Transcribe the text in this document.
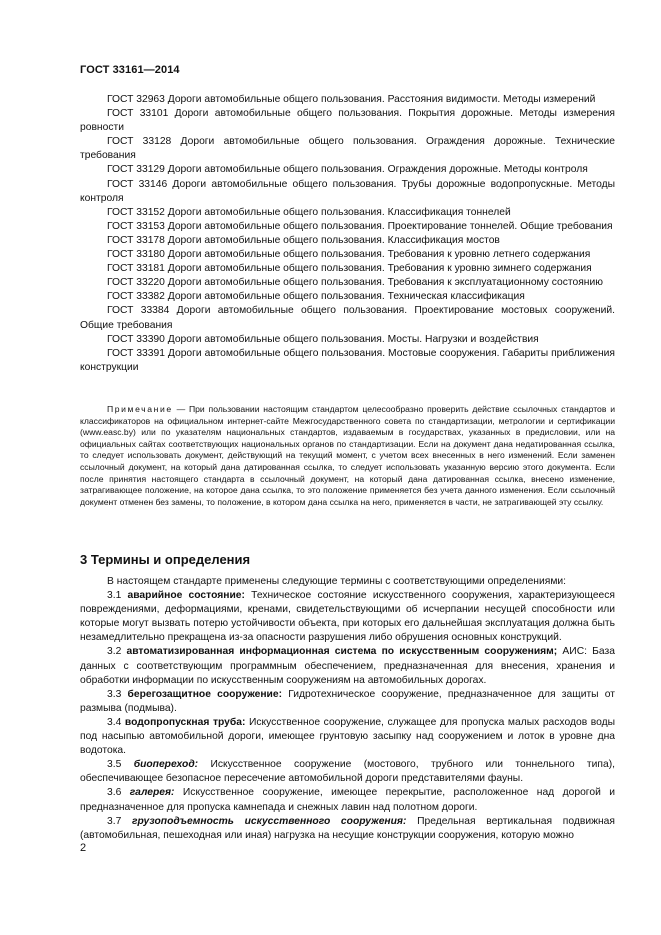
ГОСТ 33161—2014

ГОСТ 32963 Дороги автомобильные общего пользования. Расстояния видимости. Методы измерений

ГОСТ 33101 Дороги автомобильные общего пользования. Покрытия дорожные. Методы измерения ровности

ГОСТ 33128 Дороги автомобильные общего пользования. Ограждения дорожные. Технические требования

ГОСТ 33129 Дороги автомобильные общего пользования. Ограждения дорожные. Методы контроля

ГОСТ 33146 Дороги автомобильные общего пользования. Трубы дорожные водопропускные. Методы контроля

ГОСТ 33152 Дороги автомобильные общего пользования. Классификация тоннелей

ГОСТ 33153 Дороги автомобильные общего пользования. Проектирование тоннелей. Общие требования

ГОСТ 33178 Дороги автомобильные общего пользования. Классификация мостов

ГОСТ 33180 Дороги автомобильные общего пользования. Требования к уровню летнего содержания

ГОСТ 33181 Дороги автомобильные общего пользования. Требования к уровню зимнего содержания

ГОСТ 33220 Дороги автомобильные общего пользования. Требования к эксплуатационному состоянию

ГОСТ 33382 Дороги автомобильные общего пользования. Техническая классификация

ГОСТ 33384 Дороги автомобильные общего пользования. Проектирование мостовых сооружений. Общие требования

ГОСТ 33390 Дороги автомобильные общего пользования. Мосты. Нагрузки и воздействия

ГОСТ 33391 Дороги автомобильные общего пользования. Мостовые сооружения. Габариты приближения конструкции

Примечание — При пользовании настоящим стандартом целесообразно проверить действие ссылочных стандартов и классификаторов на официальном интернет-сайте Межгосударственного совета по стандартизации, метрологии и сертификации (www.easc.by) или по указателям национальных стандартов, издаваемым в государствах, указанных в предисловии, или на официальных сайтах соответствующих национальных органов по стандартизации. Если на документ дана недатированная ссылка, то следует использовать документ, действующий на текущий момент, с учетом всех внесенных в него изменений. Если заменен ссылочный документ, на который дана датированная ссылка, то следует использовать указанную версию этого документа. Если после принятия настоящего стандарта в ссылочный документ, на который дана датированная ссылка, внесено изменение, затрагивающее положение, на которое дана ссылка, то это положение применяется без учета данного изменения. Если ссылочный документ отменен без замены, то положение, в котором дана ссылка на него, применяется в части, не затрагивающей эту ссылку.

3 Термины и определения

В настоящем стандарте применены следующие термины с соответствующими определениями:

3.1 аварийное состояние: Техническое состояние искусственного сооружения, характеризующееся повреждениями, деформациями, кренами, свидетельствующими об исчерпании несущей способности или которые могут вызвать потерю устойчивости объекта, при которых его дальнейшая эксплуатация должна быть незамедлительно прекращена из-за опасности разрушения либо обрушения основных конструкций.

3.2 автоматизированная информационная система по искусственным сооружениям; АИС: База данных с соответствующим программным обеспечением, предназначенная для внесения, хранения и обработки информации по искусственным сооружениям на автомобильных дорогах.

3.3 берегозащитное сооружение: Гидротехническое сооружение, предназначенное для защиты от размыва (подмыва).

3.4 водопропускная труба: Искусственное сооружение, служащее для пропуска малых расходов воды под насыпью автомобильной дороги, имеющее грунтовую засыпку над сооружением и лоток в уровне дна водотока.

3.5 биопереход: Искусственное сооружение (мостового, трубного или тоннельного типа), обеспечивающее безопасное пересечение автомобильной дороги представителями фауны.

3.6 галерея: Искусственное сооружение, имеющее перекрытие, расположенное над дорогой и предназначенное для пропуска камнепада и снежных лавин над полотном дороги.

3.7 грузоподъемность искусственного сооружения: Предельная вертикальная подвижная (автомобильная, пешеходная или иная) нагрузка на несущие конструкции сооружения, которую можно

2
